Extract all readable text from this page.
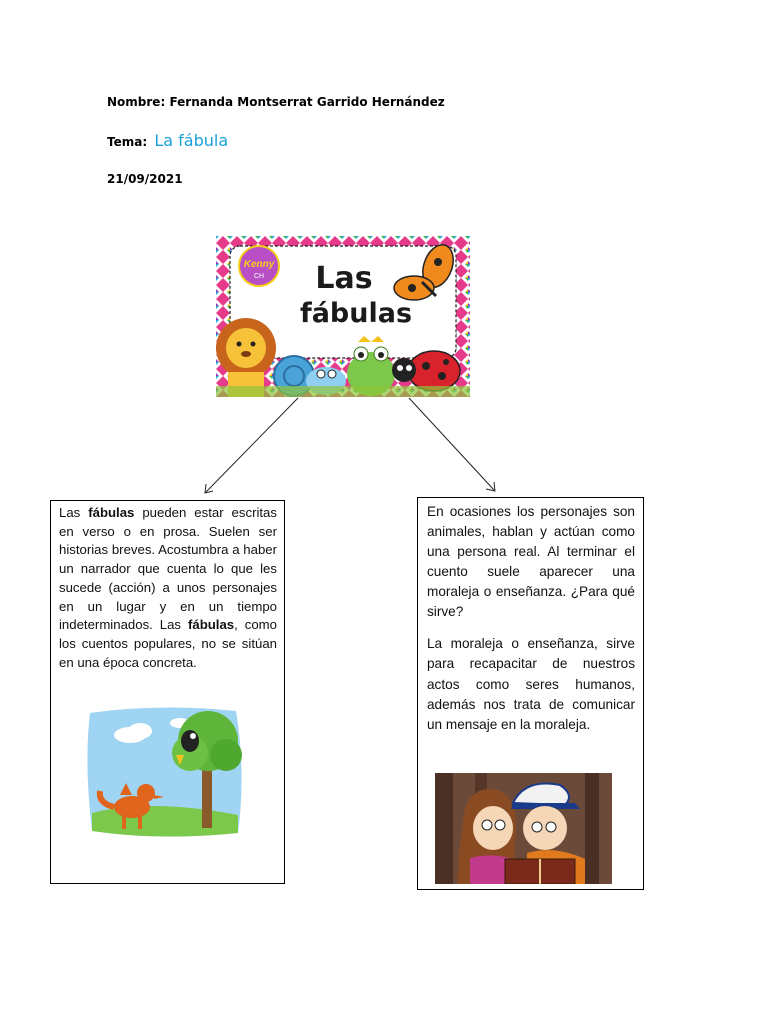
Nombre: Fernanda Montserrat Garrido Hernández
Tema: La fábula
21/09/2021
Kenny
CH Las
fábulas
Las fábulas pueden estar escritas en verso o en prosa. Suelen ser historias breves. Acostumbra a haber un narrador que cuenta lo que les sucede (acción) a unos personajes en un lugar y en un tiempo indeterminados. Las fábulas, como los cuentos populares, no se sitúan en una época concreta.
En ocasiones los personajes son animales, hablan y actúan como una persona real. Al terminar el cuento suele aparecer una moraleja o enseñanza. ¿Para qué sirve?
La moraleja o enseñanza, sirve para recapacitar de nuestros actos como seres humanos, además nos trata de comunicar un mensaje en la moraleja.
